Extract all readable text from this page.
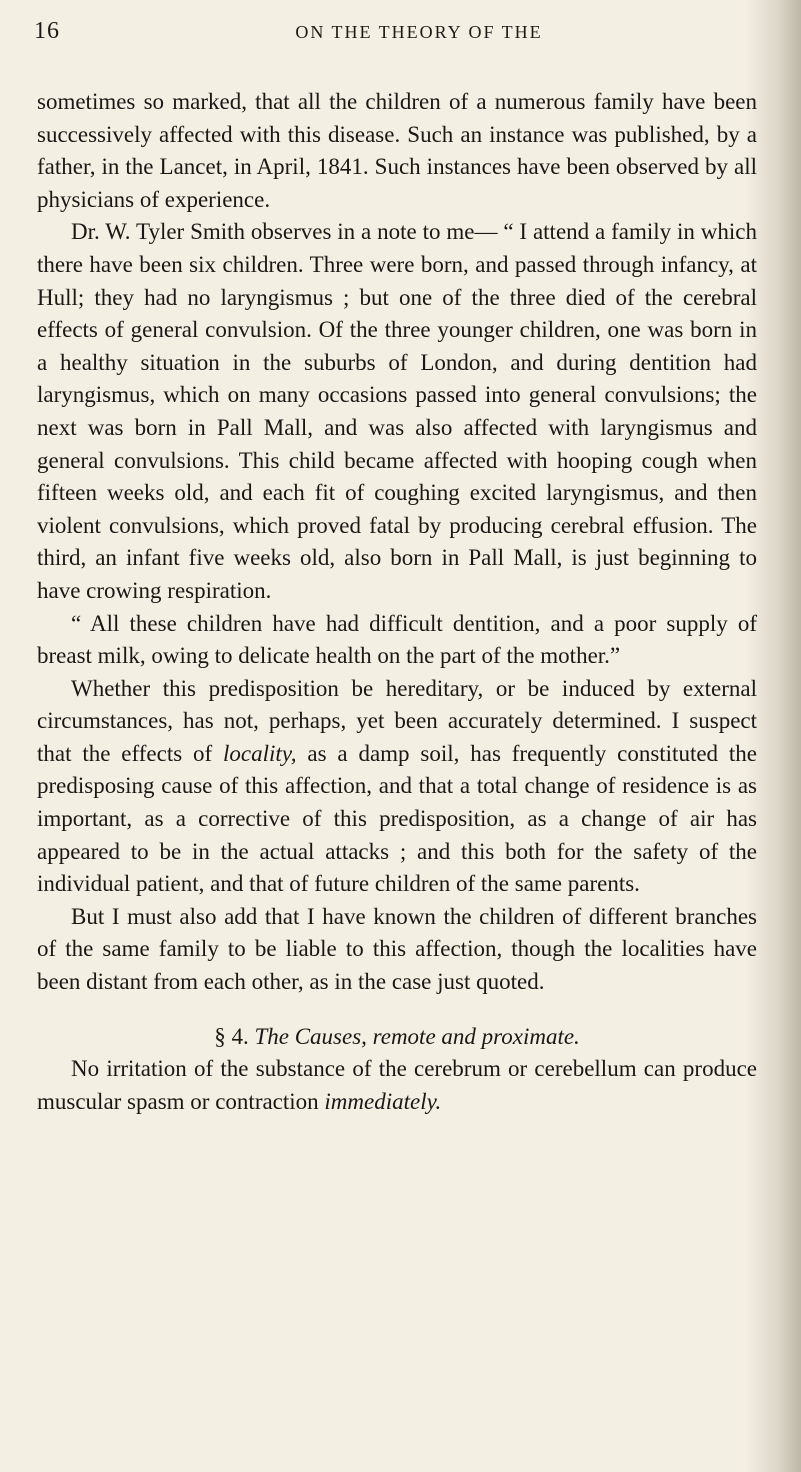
16	ON THE THEORY OF THE

sometimes so marked, that all the children of a numerous family have been successively affected with this disease. Such an instance was published, by a father, in the Lancet, in April, 1841. Such instances have been observed by all physicians of experience.

Dr. W. Tyler Smith observes in a note to me— “ I attend a family in which there have been six children. Three were born, and passed through infancy, at Hull; they had no laryngismus ; but one of the three died of the cerebral effects of general convulsion. Of the three younger children, one was born in a healthy situation in the suburbs of London, and during dentition had laryngismus, which on many occasions passed into general convulsions; the next was born in Pall Mall, and was also affected with laryngismus and general convulsions. This child became affected with hooping cough when fifteen weeks old, and each fit of coughing excited laryngismus, and then violent convulsions, which proved fatal by producing cerebral effusion. The third, an infant five weeks old, also born in Pall Mall, is just beginning to have crowing respiration.

“ All these children have had difficult dentition, and a poor supply of breast milk, owing to delicate health on the part of the mother.”

Whether this predisposition be hereditary, or be induced by external circumstances, has not, perhaps, yet been accurately determined. I suspect that the effects of locality, as a damp soil, has frequently constituted the predisposing cause of this affection, and that a total change of residence is as important, as a corrective of this predisposition, as a change of air has appeared to be in the actual attacks ; and this both for the safety of the individual patient, and that of future children of the same parents.

But I must also add that I have known the children of different branches of the same family to be liable to this affection, though the localities have been distant from each other, as in the case just quoted.

§ 4. The Causes, remote and proximate.

No irritation of the substance of the cerebrum or cerebellum can produce muscular spasm or contraction immediately.
